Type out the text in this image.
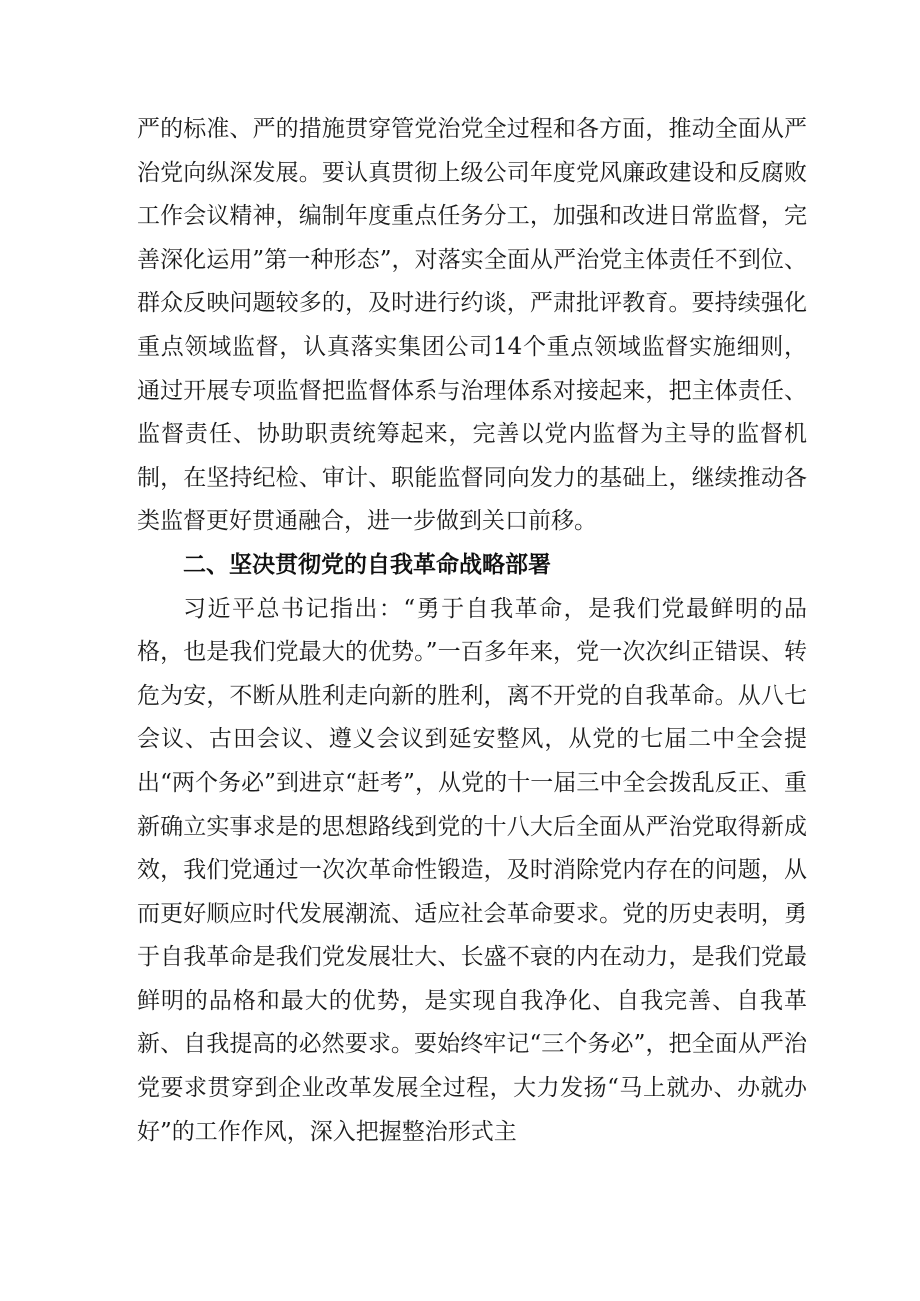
严的标准、严的措施贯穿管党治党全过程和各方面，推动全面从严治党向纵深发展。要认真贯彻上级公司年度党风廉政建设和反腐败工作会议精神，编制年度重点任务分工，加强和改进日常监督，完善深化运用”第一种形态”，对落实全面从严治党主体责任不到位、群众反映问题较多的，及时进行约谈，严肃批评教育。要持续强化重点领域监督，认真落实集团公司14个重点领域监督实施细则，通过开展专项监督把监督体系与治理体系对接起来，把主体责任、监督责任、协助职责统筹起来，完善以党内监督为主导的监督机制，在坚持纪检、审计、职能监督同向发力的基础上，继续推动各类监督更好贯通融合，进一步做到关口前移。

二、坚决贯彻党的自我革命战略部署

习近平总书记指出：“勇于自我革命，是我们党最鲜明的品格，也是我们党最大的优势。”一百多年来，党一次次纠正错误、转危为安，不断从胜利走向新的胜利，离不开党的自我革命。从八七会议、古田会议、遵义会议到延安整风，从党的七届二中全会提出“两个务必”到进京“赶考”，从党的十一届三中全会拨乱反正、重新确立实事求是的思想路线到党的十八大后全面从严治党取得新成效，我们党通过一次次革命性锻造，及时消除党内存在的问题，从而更好顺应时代发展潮流、适应社会革命要求。党的历史表明，勇于自我革命是我们党发展壮大、长盛不衰的内在动力，是我们党最鲜明的品格和最大的优势，是实现自我净化、自我完善、自我革新、自我提高的必然要求。要始终牢记“三个务必”，把全面从严治党要求贯穿到企业改革发展全过程，大力发扬“马上就办、办就办好”的工作作风，深入把握整治形式主
